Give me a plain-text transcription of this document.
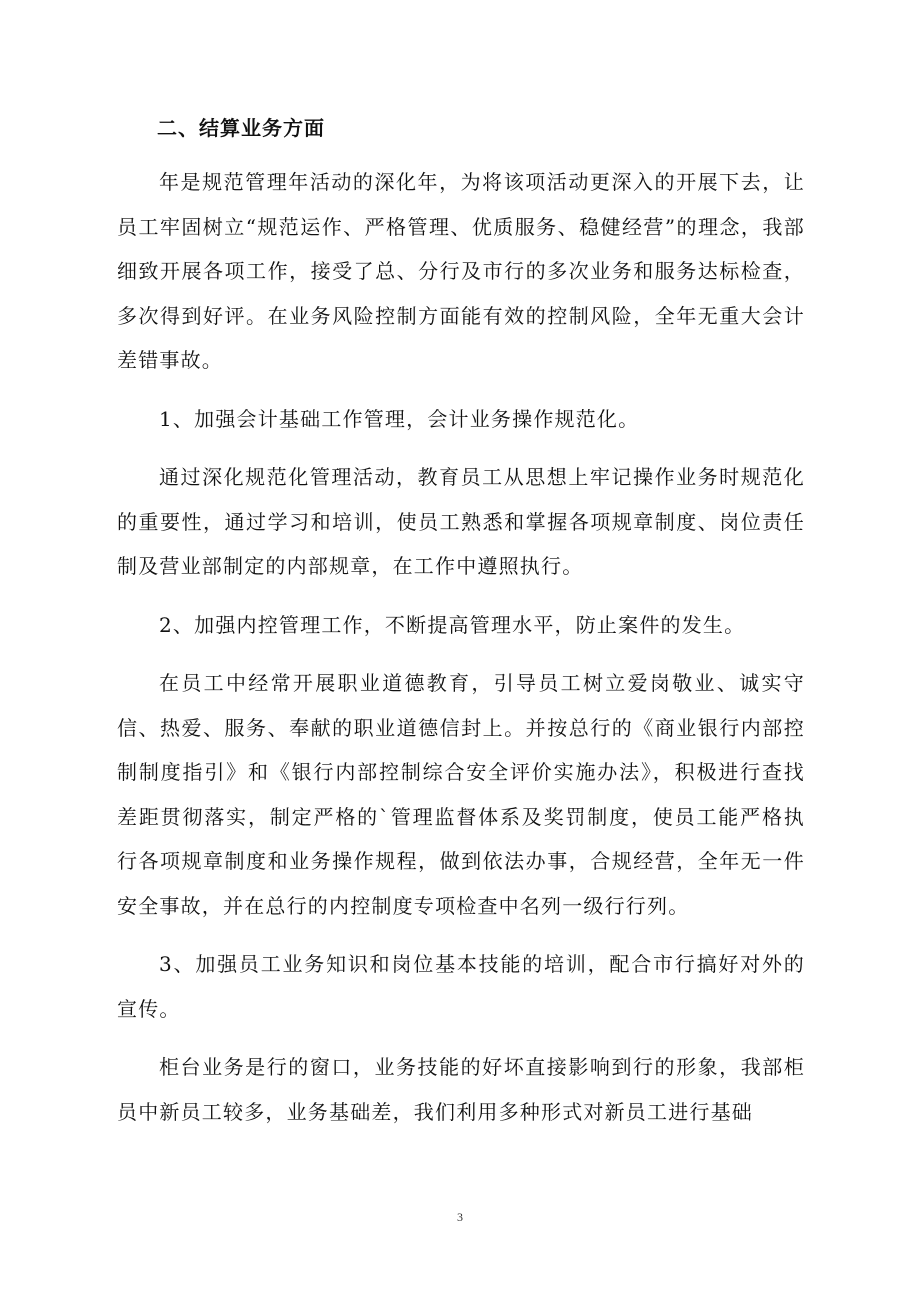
二、结算业务方面

年是规范管理年活动的深化年，为将该项活动更深入的开展下去，让员工牢固树立“规范运作、严格管理、优质服务、稳健经营”的理念，我部细致开展各项工作，接受了总、分行及市行的多次业务和服务达标检查，多次得到好评。在业务风险控制方面能有效的控制风险，全年无重大会计差错事故。

1、加强会计基础工作管理，会计业务操作规范化。

通过深化规范化管理活动，教育员工从思想上牢记操作业务时规范化的重要性，通过学习和培训，使员工熟悉和掌握各项规章制度、岗位责任制及营业部制定的内部规章，在工作中遵照执行。

2、加强内控管理工作，不断提高管理水平，防止案件的发生。

在员工中经常开展职业道德教育，引导员工树立爱岗敬业、诚实守信、热爱、服务、奉献的职业道德信封上。并按总行的《商业银行内部控制制度指引》和《银行内部控制综合安全评价实施办法》，积极进行查找差距贯彻落实，制定严格的`管理监督体系及奖罚制度，使员工能严格执行各项规章制度和业务操作规程，做到依法办事，合规经营，全年无一件安全事故，并在总行的内控制度专项检查中名列一级行行列。

3、加强员工业务知识和岗位基本技能的培训，配合市行搞好对外的宣传。

柜台业务是行的窗口，业务技能的好坏直接影响到行的形象，我部柜员中新员工较多，业务基础差，我们利用多种形式对新员工进行基础

3
